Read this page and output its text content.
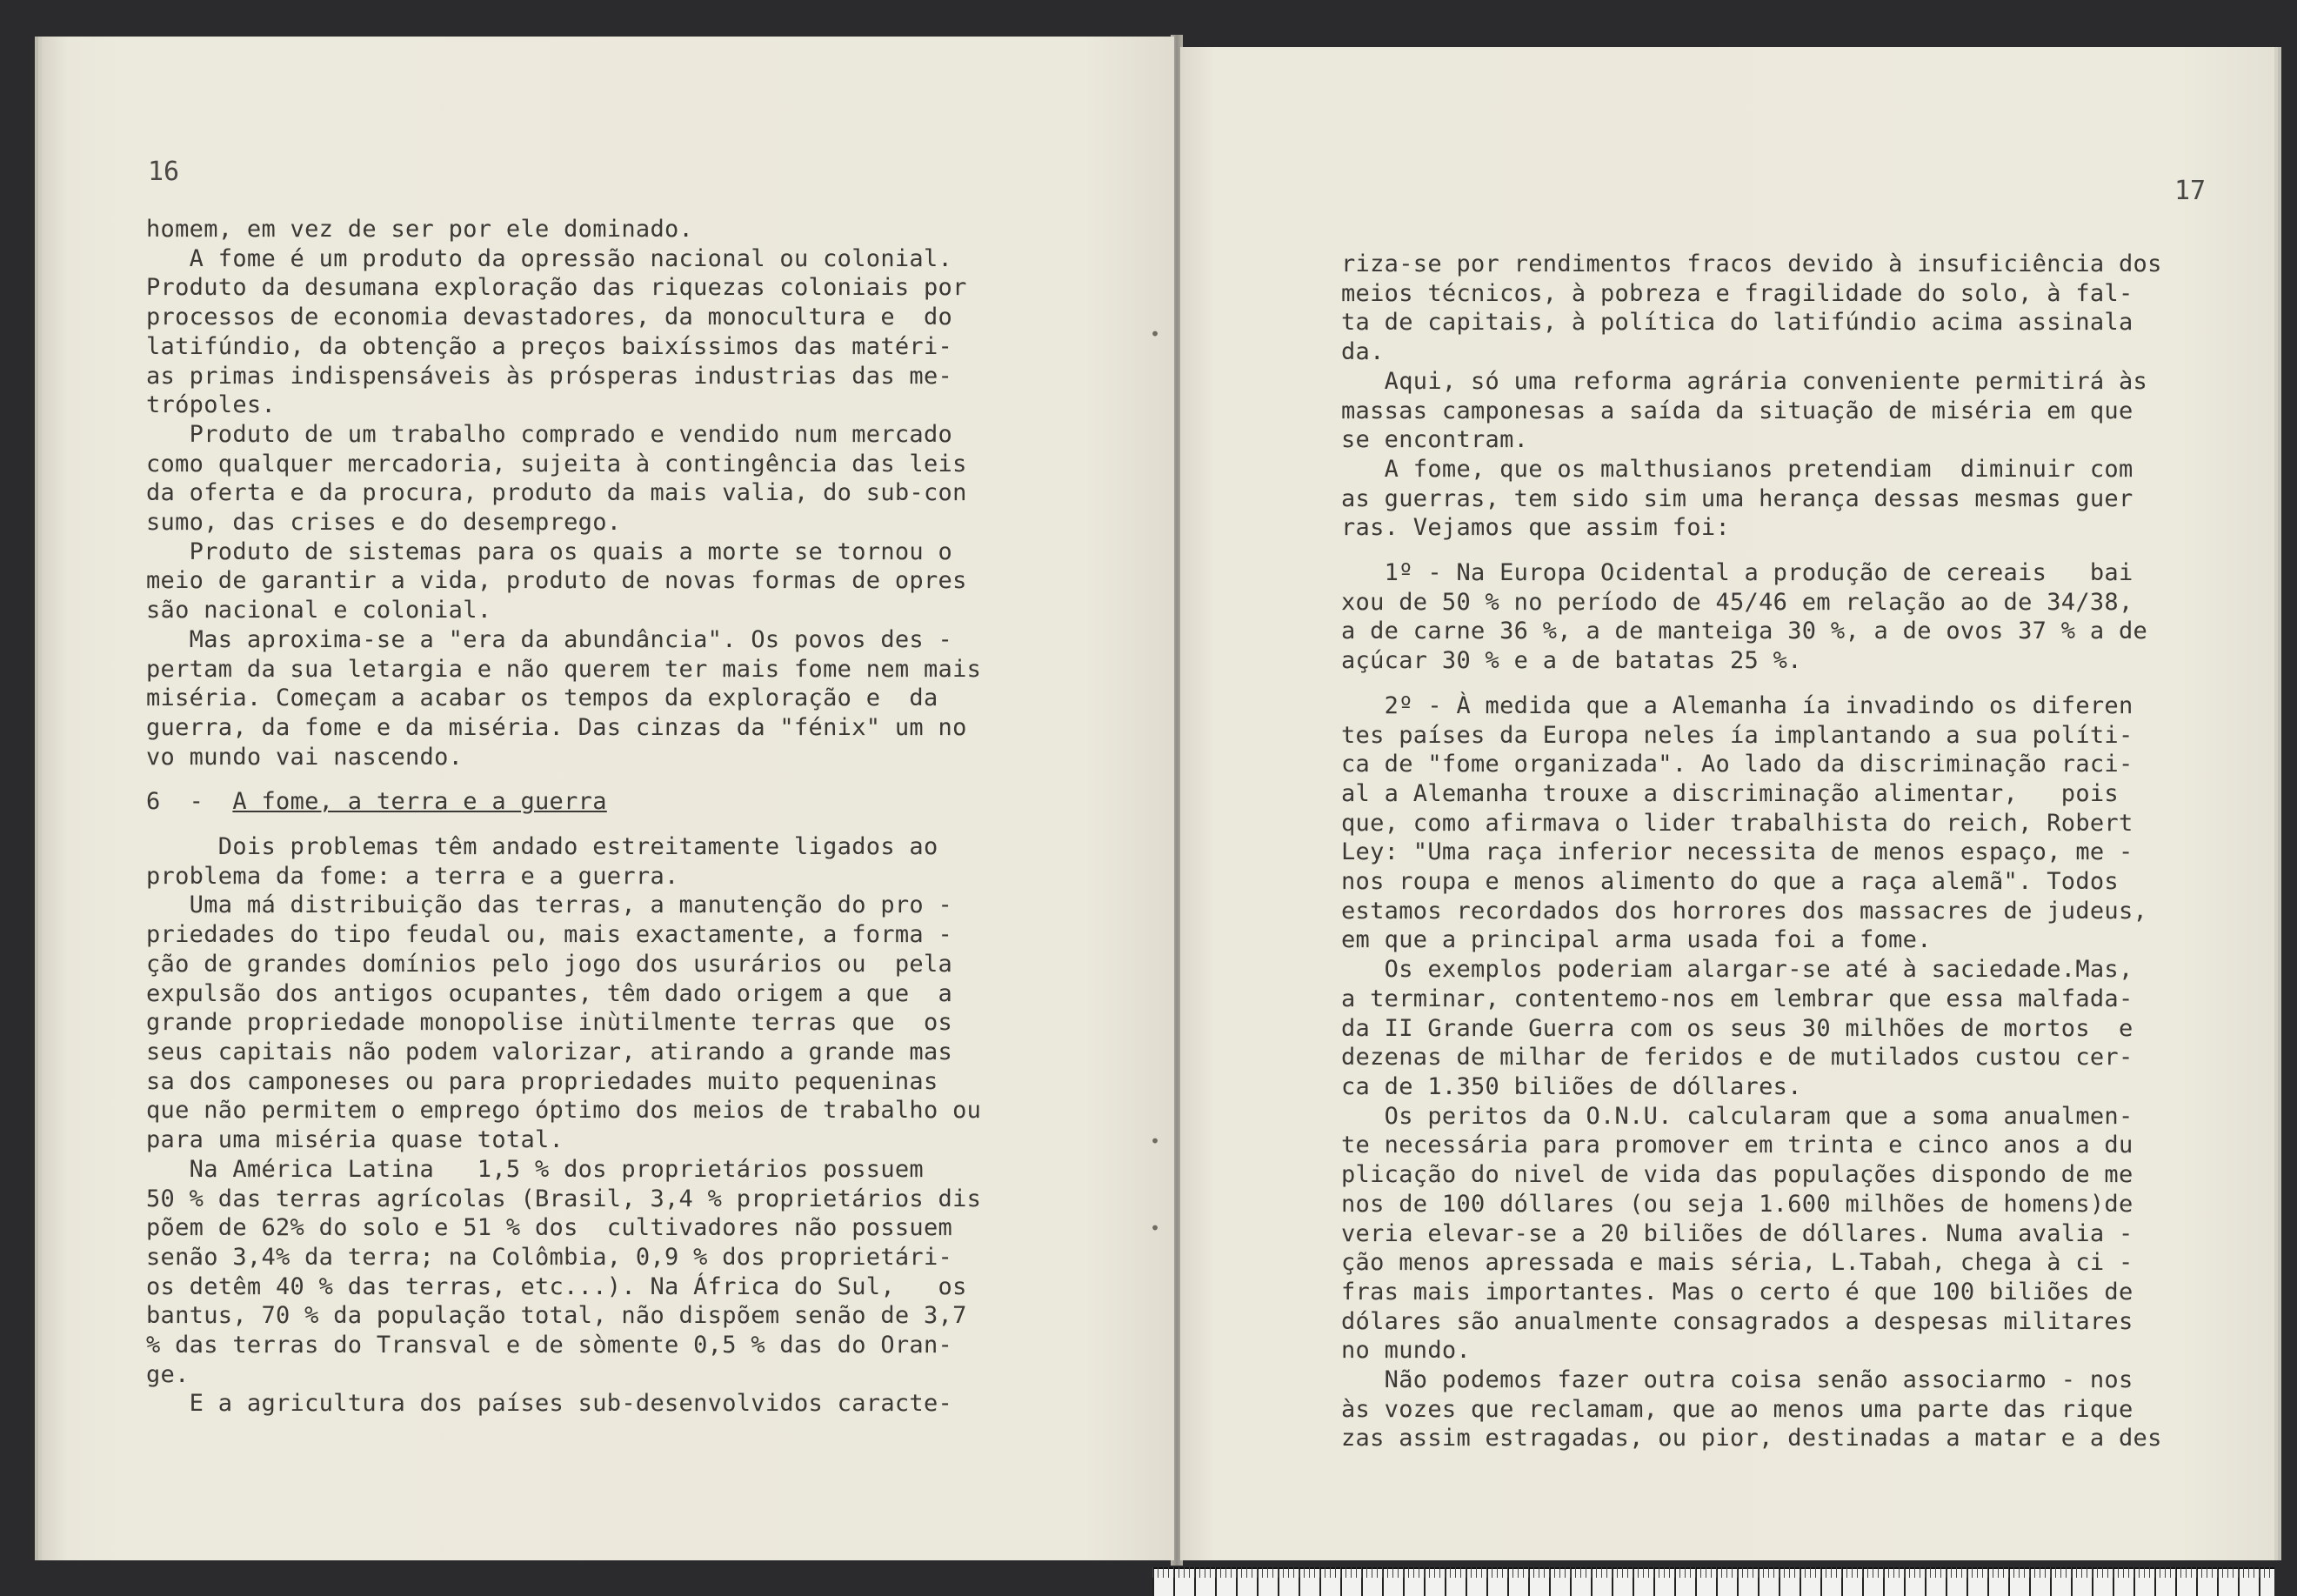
16

homem, em vez de ser por ele dominado.

A fome é um produto da opressão nacional ou colonial.

Produto da desumana exploração das riquezas coloniais por

processos de economia devastadores, da monocultura e  do

latifúndio, da obtenção a preços baixíssimos das matéri-

as primas indispensáveis às prósperas industrias das me-

trópoles.

Produto de um trabalho comprado e vendido num mercado

como qualquer mercadoria, sujeita à contingência das leis

da oferta e da procura, produto da mais valia, do sub-con

sumo, das crises e do desemprego.

Produto de sistemas para os quais a morte se tornou o

meio de garantir a vida, produto de novas formas de opres

são nacional e colonial.

Mas aproxima-se a "era da abundância". Os povos des -

pertam da sua letargia e não querem ter mais fome nem mais

miséria. Começam a acabar os tempos da exploração e  da

guerra, da fome e da miséria. Das cinzas da "fénix" um no

vo mundo vai nascendo.

6  -  A fome, a terra e a guerra

Dois problemas têm andado estreitamente ligados ao

problema da fome: a terra e a guerra.

Uma má distribuição das terras, a manutenção do pro -

priedades do tipo feudal ou, mais exactamente, a forma -

ção de grandes domínios pelo jogo dos usurários ou  pela

expulsão dos antigos ocupantes, têm dado origem a que  a

grande propriedade monopolise inùtilmente terras que  os

seus capitais não podem valorizar, atirando a grande mas

sa dos camponeses ou para propriedades muito pequeninas

que não permitem o emprego óptimo dos meios de trabalho ou

para uma miséria quase total.

Na América Latina   1,5 % dos proprietários possuem

50 % das terras agrícolas (Brasil, 3,4 % proprietários dis

põem de 62% do solo e 51 % dos  cultivadores não possuem

senão 3,4% da terra; na Colômbia, 0,9 % dos proprietári-

os detêm 40 % das terras, etc...). Na África do Sul,   os

bantus, 70 % da população total, não dispõem senão de 3,7

% das terras do Transval e de sòmente 0,5 % das do Oran-

ge.

E a agricultura dos países sub-desenvolvidos caracte-

17

riza-se por rendimentos fracos devido à insuficiência dos

meios técnicos, à pobreza e fragilidade do solo, à fal-

ta de capitais, à política do latifúndio acima assinala

da.

Aqui, só uma reforma agrária conveniente permitirá às

massas camponesas a saída da situação de miséria em que

se encontram.

A fome, que os malthusianos pretendiam  diminuir com

as guerras, tem sido sim uma herança dessas mesmas guer

ras. Vejamos que assim foi:

1º - Na Europa Ocidental a produção de cereais   bai

xou de 50 % no período de 45/46 em relação ao de 34/38,

a de carne 36 %, a de manteiga 30 %, a de ovos 37 % a de

açúcar 30 % e a de batatas 25 %.

2º - À medida que a Alemanha ía invadindo os diferen

tes países da Europa neles ía implantando a sua políti-

ca de "fome organizada". Ao lado da discriminação raci-

al a Alemanha trouxe a discriminação alimentar,   pois

que, como afirmava o lider trabalhista do reich, Robert

Ley: "Uma raça inferior necessita de menos espaço, me -

nos roupa e menos alimento do que a raça alemã". Todos

estamos recordados dos horrores dos massacres de judeus,

em que a principal arma usada foi a fome.

Os exemplos poderiam alargar-se até à saciedade.Mas,

a terminar, contentemo-nos em lembrar que essa malfada-

da II Grande Guerra com os seus 30 milhões de mortos  e

dezenas de milhar de feridos e de mutilados custou cer-

ca de 1.350 biliões de dóllares.

Os peritos da O.N.U. calcularam que a soma anualmen-

te necessária para promover em trinta e cinco anos a du

plicação do nivel de vida das populações dispondo de me

nos de 100 dóllares (ou seja 1.600 milhões de homens)de

veria elevar-se a 20 biliões de dóllares. Numa avalia -

ção menos apressada e mais séria, L.Tabah, chega à ci -

fras mais importantes. Mas o certo é que 100 biliões de

dólares são anualmente consagrados a despesas militares

no mundo.

Não podemos fazer outra coisa senão associarmo - nos

às vozes que reclamam, que ao menos uma parte das rique

zas assim estragadas, ou pior, destinadas a matar e a des

•
•
•
